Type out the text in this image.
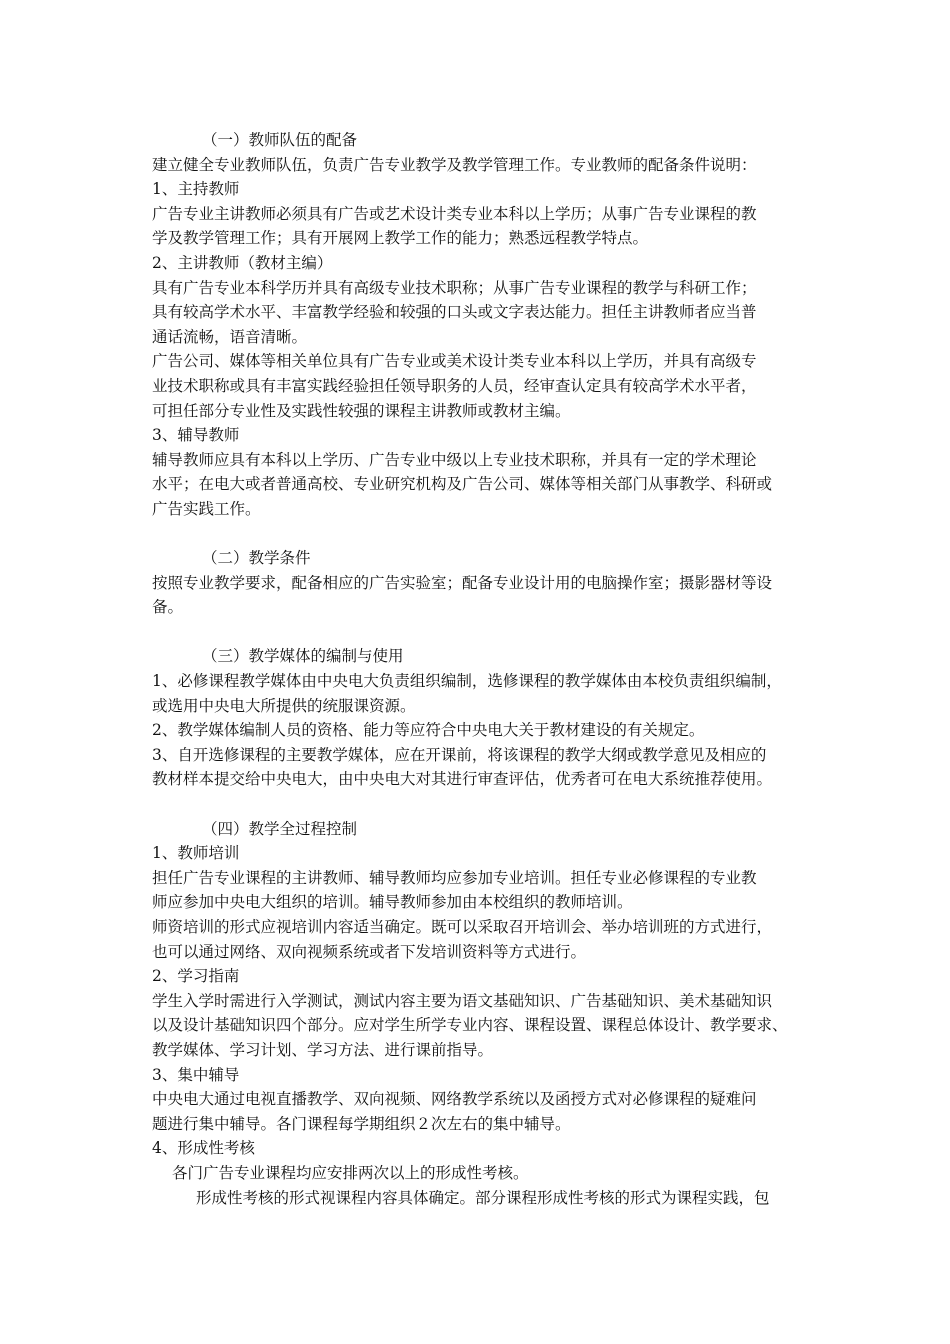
（一）教师队伍的配备
建立健全专业教师队伍，负责广告专业教学及教学管理工作。专业教师的配备条件说明：
1、主持教师
广告专业主讲教师必须具有广告或艺术设计类专业本科以上学历；从事广告专业课程的教
学及教学管理工作；具有开展网上教学工作的能力；熟悉远程教学特点。
2、主讲教师（教材主编）
具有广告专业本科学历并具有高级专业技术职称；从事广告专业课程的教学与科研工作；
具有较高学术水平、丰富教学经验和较强的口头或文字表达能力。担任主讲教师者应当普
通话流畅，语音清晰。
广告公司、媒体等相关单位具有广告专业或美术设计类专业本科以上学历，并具有高级专
业技术职称或具有丰富实践经验担任领导职务的人员，经审查认定具有较高学术水平者，
可担任部分专业性及实践性较强的课程主讲教师或教材主编。
3、辅导教师
辅导教师应具有本科以上学历、广告专业中级以上专业技术职称，并具有一定的学术理论
水平；在电大或者普通高校、专业研究机构及广告公司、媒体等相关部门从事教学、科研或
广告实践工作。
（二）教学条件
按照专业教学要求，配备相应的广告实验室；配备专业设计用的电脑操作室；摄影器材等设
备。
（三）教学媒体的编制与使用
1、必修课程教学媒体由中央电大负责组织编制，选修课程的教学媒体由本校负责组织编制，
或选用中央电大所提供的统服课资源。
2、教学媒体编制人员的资格、能力等应符合中央电大关于教材建设的有关规定。
3、自开选修课程的主要教学媒体，应在开课前，将该课程的教学大纲或教学意见及相应的
教材样本提交给中央电大，由中央电大对其进行审查评估，优秀者可在电大系统推荐使用。
（四）教学全过程控制
1、教师培训
担任广告专业课程的主讲教师、辅导教师均应参加专业培训。担任专业必修课程的专业教
师应参加中央电大组织的培训。辅导教师参加由本校组织的教师培训。
师资培训的形式应视培训内容适当确定。既可以采取召开培训会、举办培训班的方式进行，
也可以通过网络、双向视频系统或者下发培训资料等方式进行。
2、学习指南
学生入学时需进行入学测试，测试内容主要为语文基础知识、广告基础知识、美术基础知识
以及设计基础知识四个部分。应对学生所学专业内容、课程设置、课程总体设计、教学要求、
教学媒体、学习计划、学习方法、进行课前指导。
3、集中辅导
中央电大通过电视直播教学、双向视频、网络教学系统以及函授方式对必修课程的疑难问
题进行集中辅导。各门课程每学期组织２次左右的集中辅导。
4、形成性考核
各门广告专业课程均应安排两次以上的形成性考核。
形成性考核的形式视课程内容具体确定。部分课程形成性考核的形式为课程实践，包
